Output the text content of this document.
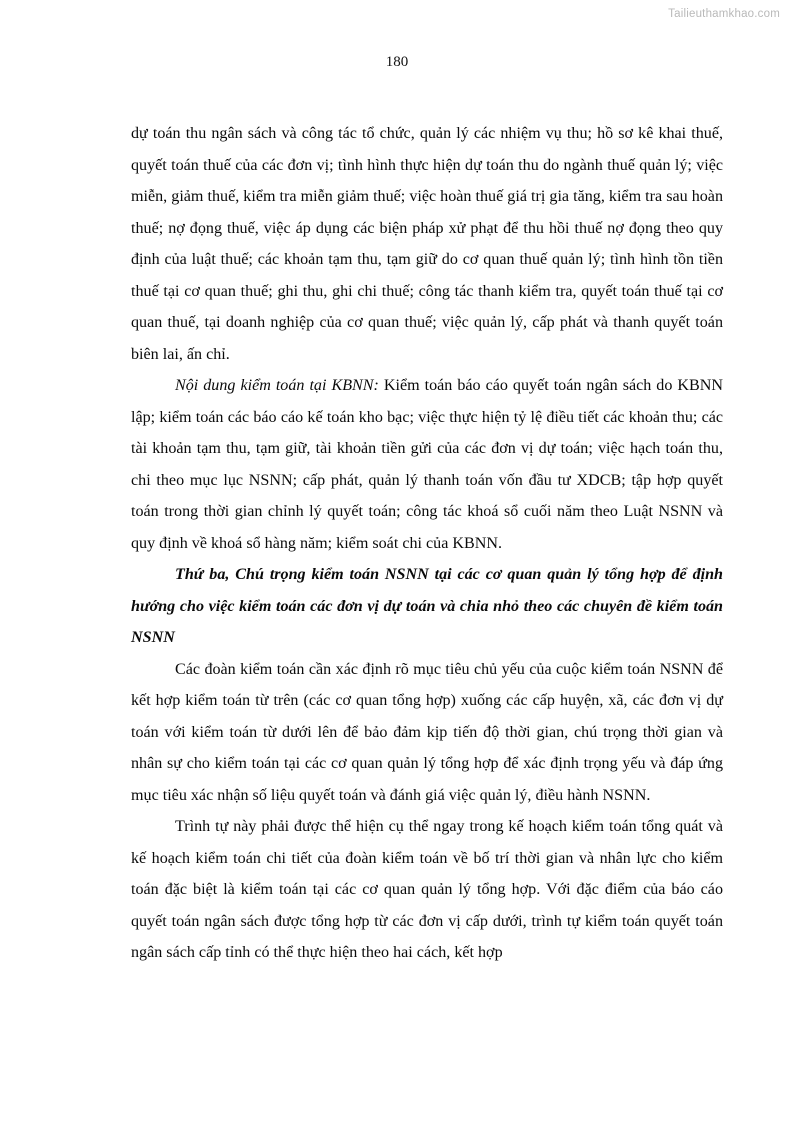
Tailieuthamkhao.com
180

dự toán thu ngân sách và công tác tổ chức, quản lý các nhiệm vụ thu; hồ sơ kê khai thuế, quyết toán thuế của các đơn vị; tình hình thực hiện dự toán thu do ngành thuế quản lý; việc miễn, giảm thuế, kiểm tra miễn giảm thuế; việc hoàn thuế giá trị gia tăng, kiểm tra sau hoàn thuế; nợ đọng thuế, việc áp dụng các biện pháp xử phạt để thu hồi thuế nợ đọng theo quy định của luật thuế; các khoản tạm thu, tạm giữ do cơ quan thuế quản lý; tình hình tồn tiền thuế tại cơ quan thuế; ghi thu, ghi chi thuế; công tác thanh kiểm tra, quyết toán thuế tại cơ quan thuế, tại doanh nghiệp của cơ quan thuế; việc quản lý, cấp phát và thanh quyết toán biên lai, ấn chỉ.

Nội dung kiểm toán tại KBNN: Kiểm toán báo cáo quyết toán ngân sách do KBNN lập; kiểm toán các báo cáo kế toán kho bạc; việc thực hiện tỷ lệ điều tiết các khoản thu; các tài khoản tạm thu, tạm giữ, tài khoản tiền gửi của các đơn vị dự toán; việc hạch toán thu, chi theo mục lục NSNN; cấp phát, quản lý thanh toán vốn đầu tư XDCB; tập hợp quyết toán trong thời gian chỉnh lý quyết toán; công tác khoá sổ cuối năm theo Luật NSNN và quy định về khoá sổ hàng năm; kiểm soát chi của KBNN.

Thứ ba, Chú trọng kiểm toán NSNN tại các cơ quan quản lý tổng hợp để định hướng cho việc kiểm toán các đơn vị dự toán và chia nhỏ theo các chuyên đề kiểm toán NSNN

Các đoàn kiểm toán cần xác định rõ mục tiêu chủ yếu của cuộc kiểm toán NSNN để kết hợp kiểm toán từ trên (các cơ quan tổng hợp) xuống các cấp huyện, xã, các đơn vị dự toán với kiểm toán từ dưới lên để bảo đảm kịp tiến độ thời gian, chú trọng thời gian và nhân sự cho kiểm toán tại các cơ quan quản lý tổng hợp để xác định trọng yếu và đáp ứng mục tiêu xác nhận số liệu quyết toán và đánh giá việc quản lý, điều hành NSNN.

Trình tự này phải được thể hiện cụ thể ngay trong kế hoạch kiểm toán tổng quát và kế hoạch kiểm toán chi tiết của đoàn kiểm toán về bố trí thời gian và nhân lực cho kiểm toán đặc biệt là kiểm toán tại các cơ quan quản lý tổng hợp. Với đặc điểm của báo cáo quyết toán ngân sách được tổng hợp từ các đơn vị cấp dưới, trình tự kiểm toán quyết toán ngân sách cấp tỉnh có thể thực hiện theo hai cách, kết hợp
